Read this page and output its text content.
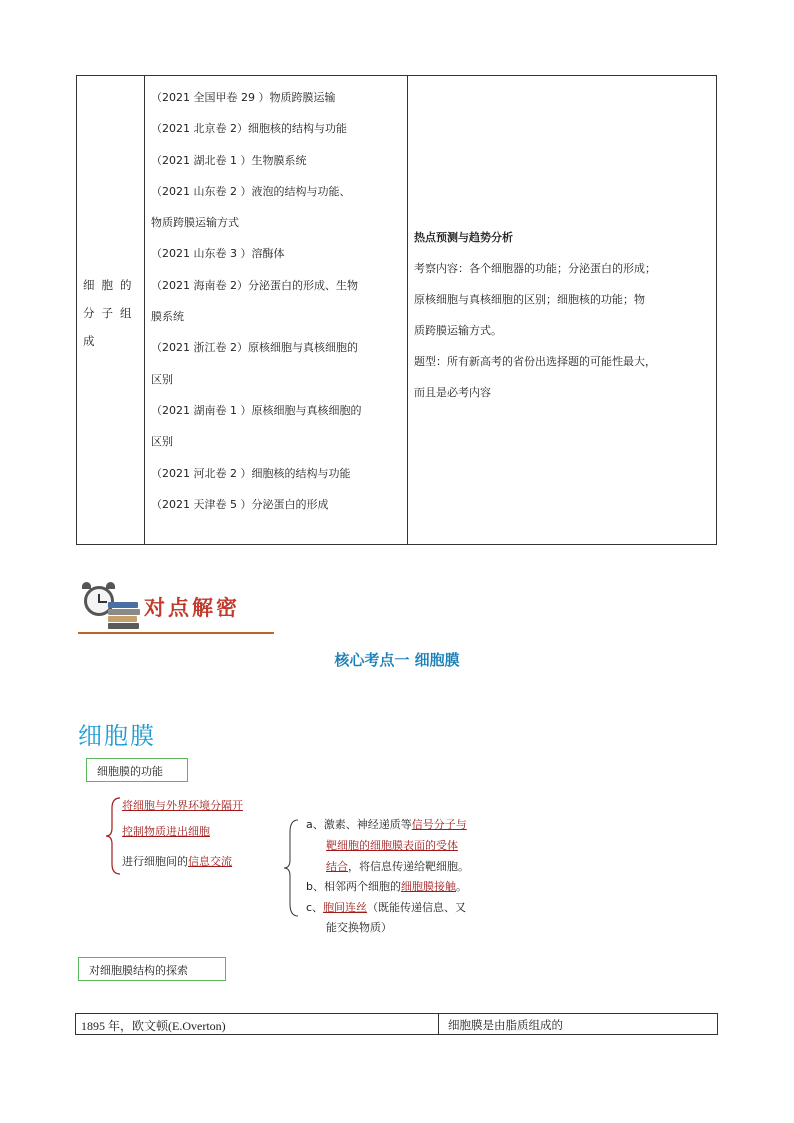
细胞的分子组成
（2021 全国甲卷 29 ）物质跨膜运输
（2021 北京卷 2）细胞核的结构与功能
（2021 湖北卷 1 ）生物膜系统
（2021 山东卷 2 ）液泡的结构与功能、
物质跨膜运输方式
（2021 山东卷 3 ）溶酶体
（2021 海南卷 2）分泌蛋白的形成、生物
膜系统
（2021 浙江卷 2）原核细胞与真核细胞的
区别
（2021 湖南卷 1 ）原核细胞与真核细胞的
区别
（2021 河北卷 2 ）细胞核的结构与功能
（2021 天津卷 5 ）分泌蛋白的形成
热点预测与趋势分析
考察内容：各个细胞器的功能；分泌蛋白的形成；
原核细胞与真核细胞的区别；细胞核的功能；物
质跨膜运输方式。
题型：所有新高考的省份出选择题的可能性最大，
而且是必考内容
对点解密
核心考点一 细胞膜
细胞膜
细胞膜的功能
将细胞与外界环境分隔开
控制物质进出细胞
进行细胞间的信息交流
a、激素、神经递质等信号分子与
靶细胞的细胞膜表面的受体
结合，将信息传递给靶细胞。
b、相邻两个细胞的细胞膜接触。
c、胞间连丝（既能传递信息、又
能交换物质）
对细胞膜结构的探索
1895 年，欧文顿(E.Overton)	细胞膜是由脂质组成的
